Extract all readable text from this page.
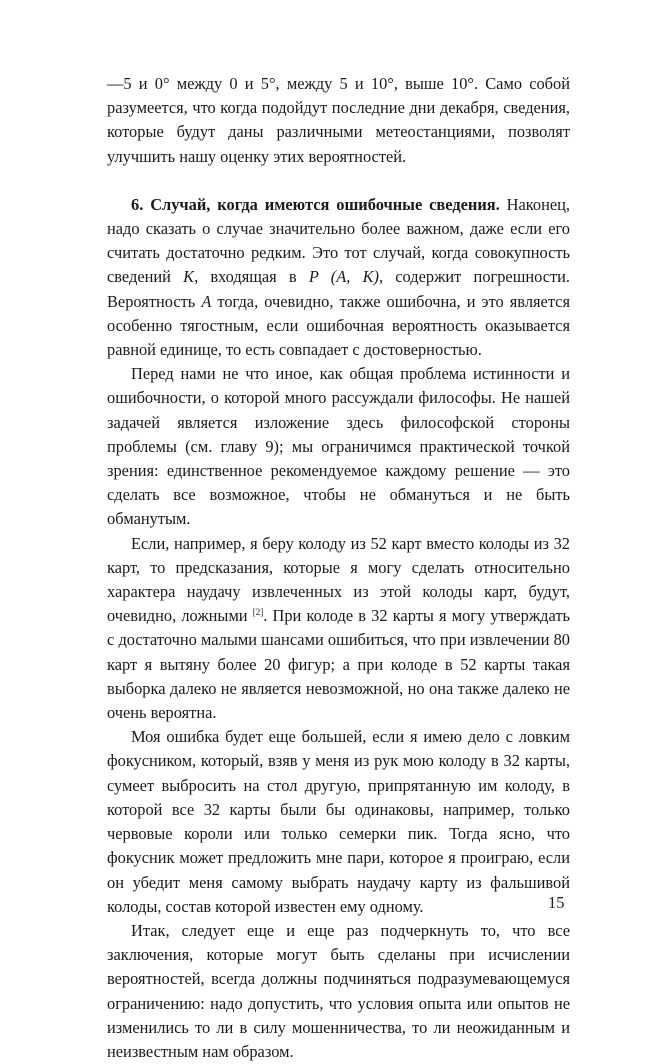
—5 и 0° между 0 и 5°, между 5 и 10°, выше 10°. Само собой разумеется, что когда подойдут последние дни декабря, сведения, которые будут даны различными метеостанциями, позволят улучшить нашу оценку этих вероятностей.

6. Случай, когда имеются ошибочные сведения. Наконец, надо сказать о случае значительно более важном, даже если его считать достаточно редким. Это тот случай, когда совокупность сведений K, входящая в P (A, K), содержит погрешности. Вероятность A тогда, очевидно, также ошибочна, и это является особенно тягостным, если ошибочная вероятность оказывается равной единице, то есть совпадает с достоверностью.

Перед нами не что иное, как общая проблема истинности и ошибочности, о которой много рассуждали философы. Не нашей задачей является изложение здесь философской стороны проблемы (см. главу 9); мы ограничимся практической точкой зрения: единственное рекомендуемое каждому решение — это сделать все возможное, чтобы не обмануться и не быть обманутым.

Если, например, я беру колоду из 52 карт вместо колоды из 32 карт, то предсказания, которые я могу сделать относительно характера наудачу извлеченных из этой колоды карт, будут, очевидно, ложными [2]. При колоде в 32 карты я могу утверждать с достаточно малыми шансами ошибиться, что при извлечении 80 карт я вытяну более 20 фигур; а при колоде в 52 карты такая выборка далеко не является невозможной, но она также далеко не очень вероятна.

Моя ошибка будет еще большей, если я имею дело с ловким фокусником, который, взяв у меня из рук мою колоду в 32 карты, сумеет выбросить на стол другую, припрятанную им колоду, в которой все 32 карты были бы одинаковы, например, только червовые короли или только семерки пик. Тогда ясно, что фокусник может предложить мне пари, которое я проиграю, если он убедит меня самому выбрать наудачу карту из фальшивой колоды, состав которой известен ему одному.

Итак, следует еще и еще раз подчеркнуть то, что все заключения, которые могут быть сделаны при исчислении вероятностей, всегда должны подчиняться подразумевающемуся ограничению: надо допустить, что условия опыта или опытов не изменились то ли в силу мошенничества, то ли неожиданным и неизвестным нам образом.

15
